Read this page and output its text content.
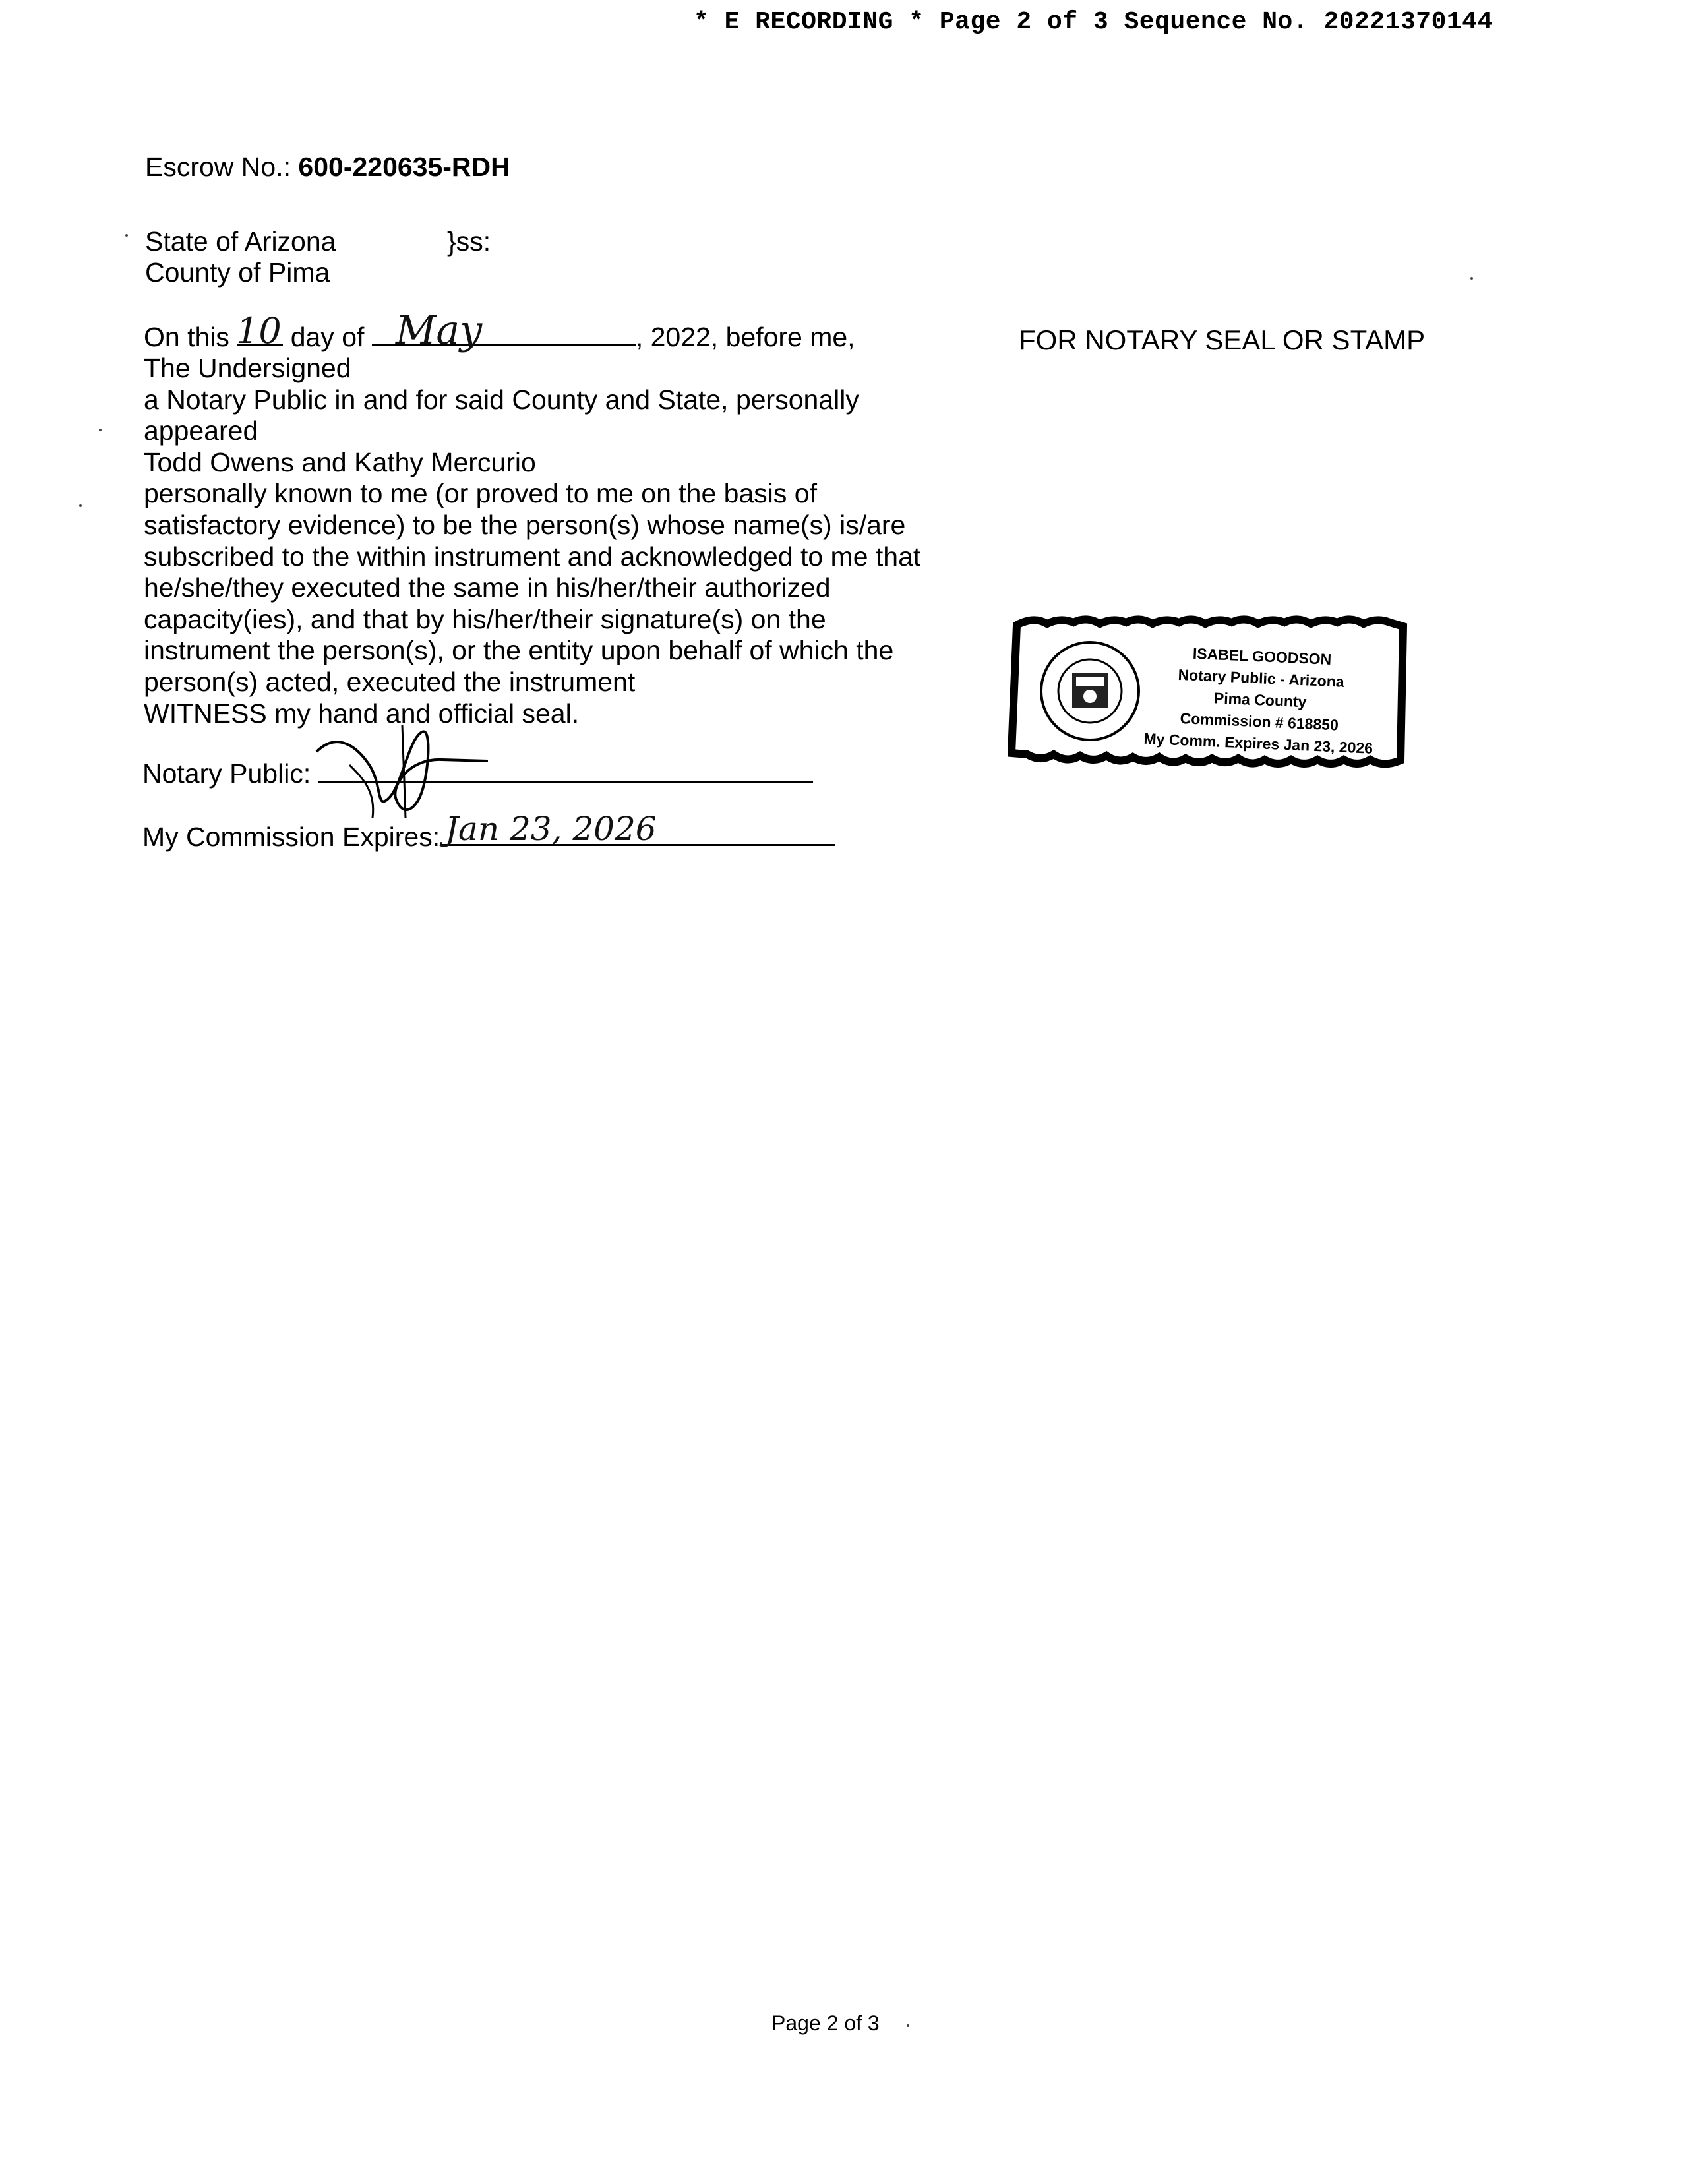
* E RECORDING * Page 2 of 3 Sequence No. 20221370144
Escrow No.: 600-220635-RDH
State of Arizona	}ss:
County of Pima
On this day of	, 2022, before me,
10	May
The Undersigned
a Notary Public in and for said County and State, personally
appeared
Todd Owens and Kathy Mercurio
personally known to me (or proved to me on the basis of
satisfactory evidence) to be the person(s) whose name(s) is/are
subscribed to the within instrument and acknowledged to me that
he/she/they executed the same in his/her/their authorized
capacity(ies), and that by his/her/their signature(s) on the
instrument the person(s), or the entity upon behalf of which the
person(s) acted, executed the instrument
WITNESS my hand and official seal.
Notary Public:
My Commission Expires: Jan 23, 2026
FOR NOTARY SEAL OR STAMP
ISABEL GOODSON
Notary Public - Arizona
Pima County
Commission # 618850
My Comm. Expires Jan 23, 2026
Page 2 of 3
